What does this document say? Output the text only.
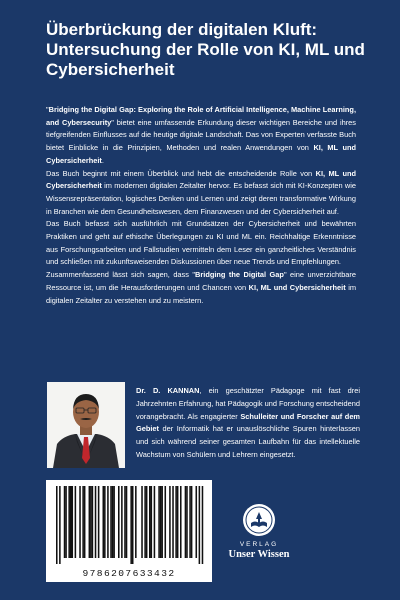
Überbrückung der digitalen Kluft:
Untersuchung der Rolle von KI, ML und
Cybersicherheit

"Bridging the Digital Gap: Exploring the Role of Artificial Intelligence, Machine Learning, and Cybersecurity" bietet eine umfassende Erkundung dieser wichtigen Bereiche und ihres tiefgreifenden Einflusses auf die heutige digitale Landschaft. Das von Experten verfasste Buch bietet Einblicke in die Prinzipien, Methoden und realen Anwendungen von KI, ML und Cybersicherheit.

Das Buch beginnt mit einem Überblick und hebt die entscheidende Rolle von KI, ML und Cybersicherheit im modernen digitalen Zeitalter hervor. Es befasst sich mit KI-Konzepten wie Wissensrepräsentation, logisches Denken und Lernen und zeigt deren transformative Wirkung in Branchen wie dem Gesundheitswesen, dem Finanzwesen und der Cybersicherheit auf.

Das Buch befasst sich ausführlich mit Grundsätzen der Cybersicherheit und bewährten Praktiken und geht auf ethische Überlegungen zu KI und ML ein. Reichhaltige Erkenntnisse aus Forschungsarbeiten und Fallstudien vermitteln dem Leser ein ganzheitliches Verständnis und schließen mit zukunftsweisenden Diskussionen über neue Trends und Empfehlungen.

Zusammenfassend lässt sich sagen, dass "Bridging the Digital Gap" eine unverzichtbare Ressource ist, um die Herausforderungen und Chancen von KI, ML und Cybersicherheit im digitalen Zeitalter zu verstehen und zu meistern.

Dr. D. KANNAN, ein geschätzter Pädagoge mit fast drei Jahrzehnten Erfahrung, hat Pädagogik und Forschung entscheidend vorangebracht. Als engagierter Schulleiter und Forscher auf dem Gebiet der Informatik hat er unauslöschliche Spuren hinterlassen und sich während seiner gesamten Laufbahn für das intellektuelle Wachstum von Schülern und Lehrern eingesetzt.
9786207633432
VERLAG
Unser Wissen
